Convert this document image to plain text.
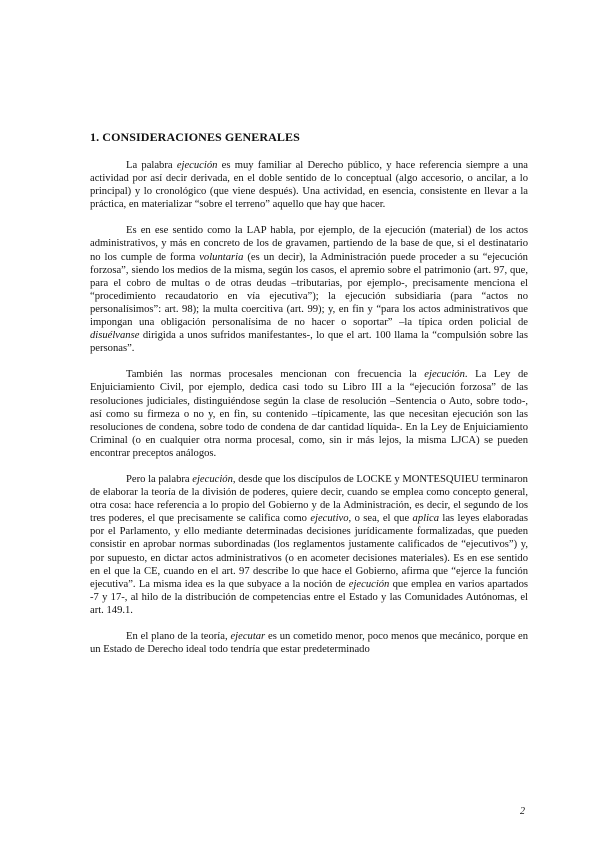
1. CONSIDERACIONES GENERALES

La palabra ejecución es muy familiar al Derecho público, y hace referencia siempre a una actividad por así decir derivada, en el doble sentido de lo conceptual (algo accesorio, o ancilar, a lo principal) y lo cronológico (que viene después). Una actividad, en esencia, consistente en llevar a la práctica, en materializar “sobre el terreno” aquello que hay que hacer.

Es en ese sentido como la LAP habla, por ejemplo, de la ejecución (material) de los actos administrativos, y más en concreto de los de gravamen, partiendo de la base de que, si el destinatario no los cumple de forma voluntaria (es un decir), la Administración puede proceder a su “ejecución forzosa”, siendo los medios de la misma, según los casos, el apremio sobre el patrimonio (art. 97, que, para el cobro de multas o de otras deudas –tributarias, por ejemplo-, precisamente menciona el “procedimiento recaudatorio en vía ejecutiva”); la ejecución subsidiaria (para “actos no personalísimos”: art. 98); la multa coercitiva (art. 99); y, en fin y “para los actos administrativos que impongan una obligación personalísima de no hacer o soportar” –la típica orden policial de disuélvanse dirigida a unos sufridos manifestantes-, lo que el art. 100 llama la “compulsión sobre las personas”.

También las normas procesales mencionan con frecuencia la ejecución. La Ley de Enjuiciamiento Civil, por ejemplo, dedica casi todo su Libro III a la “ejecución forzosa” de las resoluciones judiciales, distinguiéndose según la clase de resolución –Sentencia o Auto, sobre todo-, así como su firmeza o no y, en fin, su contenido –típicamente, las que necesitan ejecución son las resoluciones de condena, sobre todo de condena de dar cantidad líquida-. En la Ley de Enjuiciamiento Criminal (o en cualquier otra norma procesal, como, sin ir más lejos, la misma LJCA) se pueden encontrar preceptos análogos.

Pero la palabra ejecución, desde que los discípulos de LOCKE y MONTESQUIEU terminaron de elaborar la teoría de la división de poderes, quiere decir, cuando se emplea como concepto general, otra cosa: hace referencia a lo propio del Gobierno y de la Administración, es decir, el segundo de los tres poderes, el que precisamente se califica como ejecutivo, o sea, el que aplica las leyes elaboradas por el Parlamento, y ello mediante determinadas decisiones jurídicamente formalizadas, que pueden consistir en aprobar normas subordinadas (los reglamentos justamente calificados de “ejecutivos”) y, por supuesto, en dictar actos administrativos (o en acometer decisiones materiales). Es en ese sentido en el que la CE, cuando en el art. 97 describe lo que hace el Gobierno, afirma que “ejerce la función ejecutiva”. La misma idea es la que subyace a la noción de ejecución que emplea en varios apartados -7 y 17-, al hilo de la distribución de competencias entre el Estado y las Comunidades Autónomas, el art. 149.1.

En el plano de la teoría, ejecutar es un cometido menor, poco menos que mecánico, porque en un Estado de Derecho ideal todo tendría que estar predeterminado

2
